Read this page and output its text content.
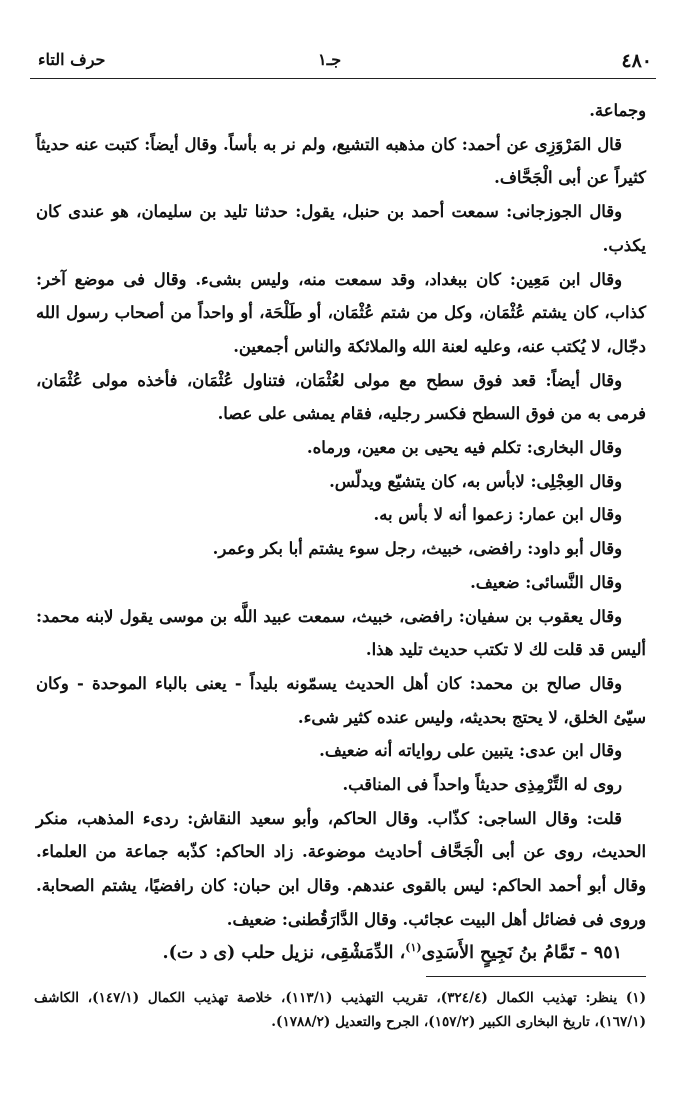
٤٨٠
جـ١
حرف التاء

وجماعة.

قال المَرْوَزِى عن أحمد: كان مذهبه التشيع، ولم نر به بأساً. وقال أيضاً: كتبت عنه حديثاً كثيراً عن أبى الْجَحَّاف.

وقال الجوزجانى: سمعت أحمد بن حنبل، يقول: حدثنا تليد بن سليمان، هو عندى كان يكذب.

وقال ابن مَعِين: كان ببغداد، وقد سمعت منه، وليس بشىء. وقال فى موضع آخر: كذاب، كان يشتم عُثْمَان، وكل من شتم عُثْمَان، أو طَلْحَة، أو واحداً من أصحاب رسول الله دجّال، لا يُكتب عنه، وعليه لعنة الله والملائكة والناس أجمعين.

وقال أيضاً: قعد فوق سطح مع مولى لعُثْمَان، فتناول عُثْمَان، فأخذه مولى عُثْمَان، فرمى به من فوق السطح فكسر رجليه، فقام يمشى على عصا.

وقال البخارى: تكلم فيه يحيى بن معين، ورماه.

وقال العِجْلِى: لابأس به، كان يتشيّع ويدلّس.

وقال ابن عمار: زعموا أنه لا بأس به.

وقال أبو داود: رافضى، خبيث، رجل سوء يشتم أبا بكر وعمر.

وقال النَّسائى: ضعيف.

وقال يعقوب بن سفيان: رافضى، خبيث، سمعت عبيد اللَّه بن موسى يقول لابنه محمد: أليس قد قلت لك لا تكتب حديث تليد هذا.

وقال صالح بن محمد: كان أهل الحديث يسمّونه بليداً - يعنى بالباء الموحدة - وكان سيّئ الخلق، لا يحتج بحديثه، وليس عنده كثير شىء.

وقال ابن عدى: يتبين على رواياته أنه ضعيف.

روى له التِّرْمِذِى حديثاً واحداً فى المناقب.

قلت: وقال الساجى: كذّاب. وقال الحاكم، وأبو سعيد النقاش: ردىء المذهب، منكر الحديث، روى عن أبى الْجَحَّاف أحاديث موضوعة. زاد الحاكم: كذّبه جماعة من العلماء. وقال أبو أحمد الحاكم: ليس بالقوى عندهم. وقال ابن حبان: كان رافضيًا، يشتم الصحابة. وروى فى فضائل أهل البيت عجائب. وقال الدَّارَقُطنى: ضعيف.

٩٥١ - تَمَّامُ بنُ نَجِيحٍ الأَسَدِى$^{(١)}$، الدِّمَشْقِى، نزيل حلب (ى د ت).

(١) ينظر: تهذيب الكمال (٣٢٤/٤)، تقريب التهذيب (١١٣/١)، خلاصة تهذيب الكمال (١٤٧/١)، الكاشف (١٦٧/١)، تاريخ البخارى الكبير (١٥٧/٢)، الجرح والتعديل (١٧٨٨/٢).
